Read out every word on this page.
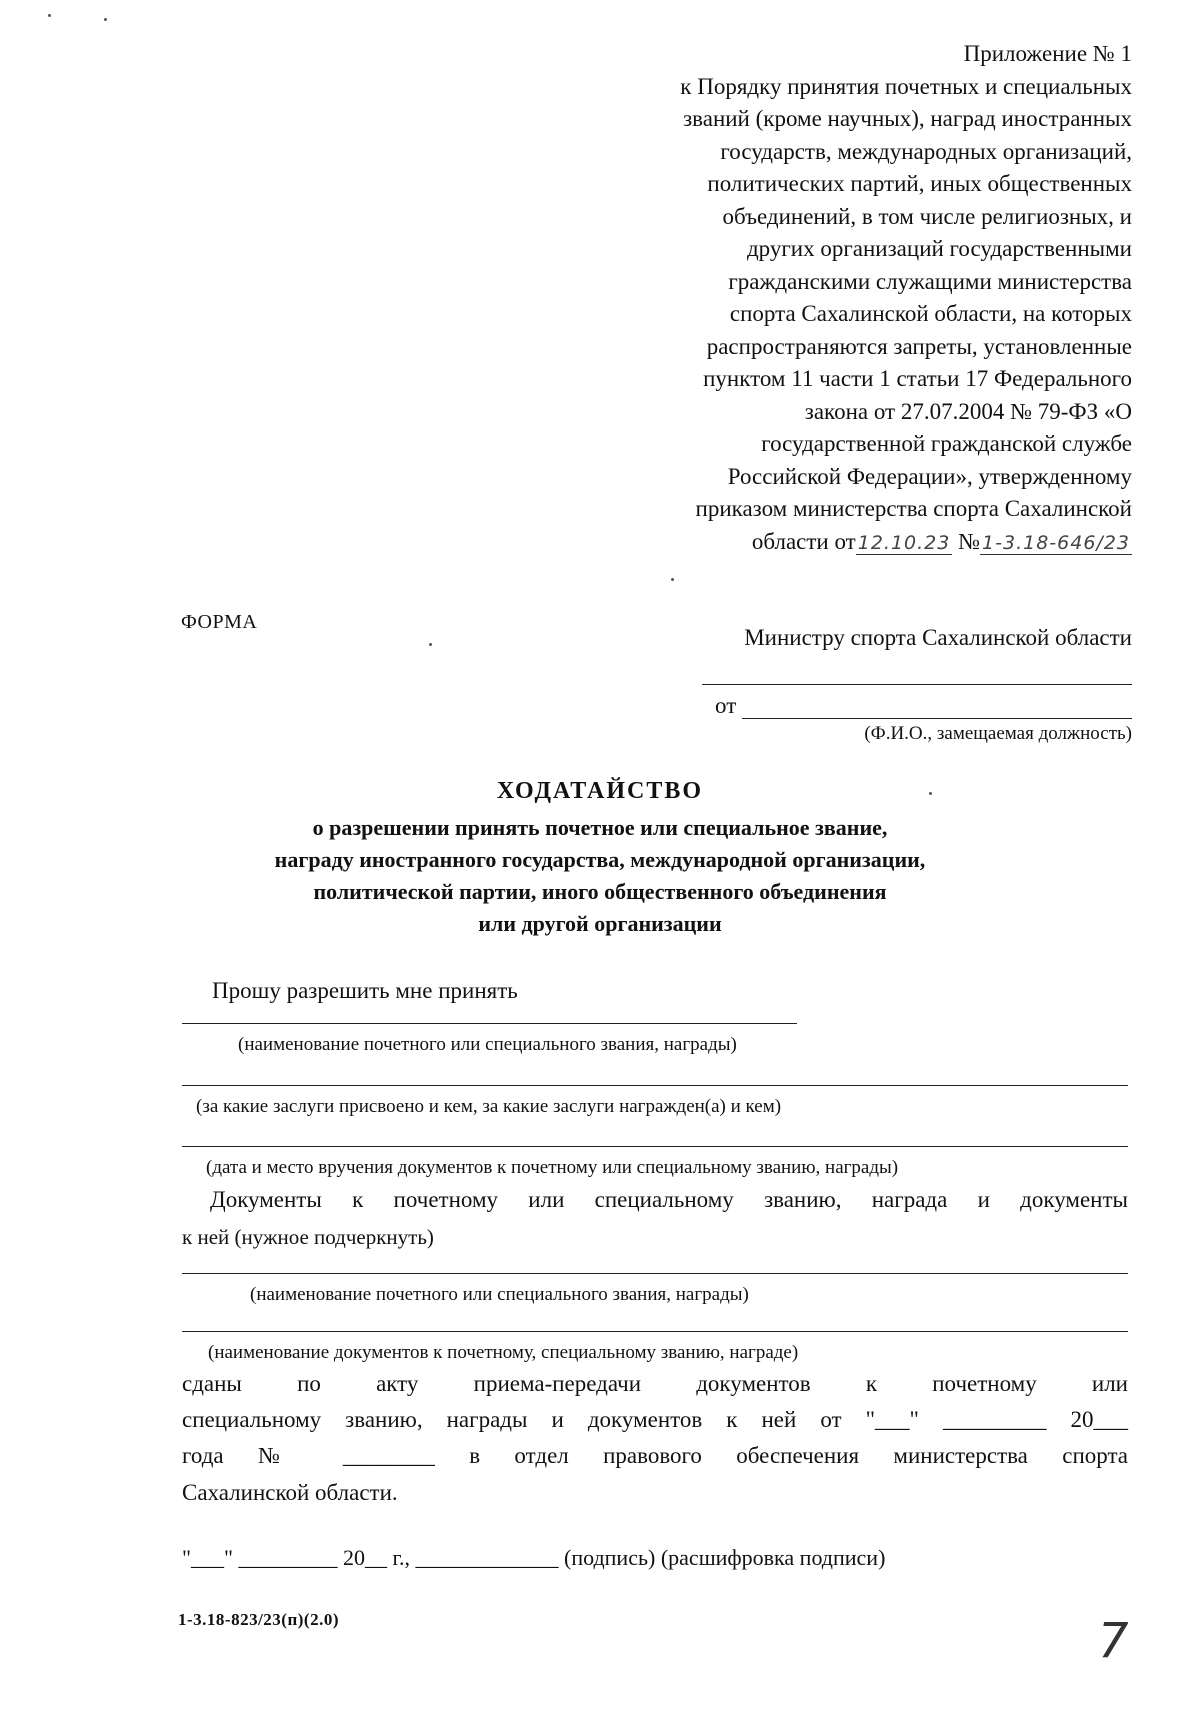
Приложение № 1
к Порядку принятия почетных и специальных
званий (кроме научных), наград иностранных
государств, международных организаций,
политических партий, иных общественных
объединений, в том числе религиозных, и
других организаций государственными
гражданскими служащими министерства
спорта Сахалинской области, на которых
распространяются запреты, установленные
пунктом 11 части 1 статьи 17 Федерального
закона от 27.07.2004 № 79-ФЗ «О
государственной гражданской службе
Российской Федерации», утвержденному
приказом министерства спорта Сахалинской
области от 12.10.23 № 1-3.18-646/23
ФОРМА
Министру спорта Сахалинской области
от
(Ф.И.О., замещаемая должность)
ХОДАТАЙСТВО
о разрешении принять почетное или специальное звание,
награду иностранного государства, международной организации,
политической партии, иного общественного объединения
или другой организации
Прошу разрешить мне принять
(наименование почетного или специального звания, награды)
(за какие заслуги присвоено и кем, за какие заслуги награжден(а) и кем)
(дата и место вручения документов к почетному или специальному званию, награды)
Документы к почетному или специальному званию, награда и документы
к ней (нужное подчеркнуть)
(наименование почетного или специального звания, награды)
(наименование документов к почетному, специальному званию, награде)
сданы по акту приема-передачи документов к почетному или
специальному званию, награды и документов к ней от "___" _________ 20___
года № ________ в отдел правового обеспечения министерства спорта
Сахалинской области.
"___" _________ 20__ г., _____________ (подпись) (расшифровка подписи)
1-3.18-823/23(п)(2.0)	7
